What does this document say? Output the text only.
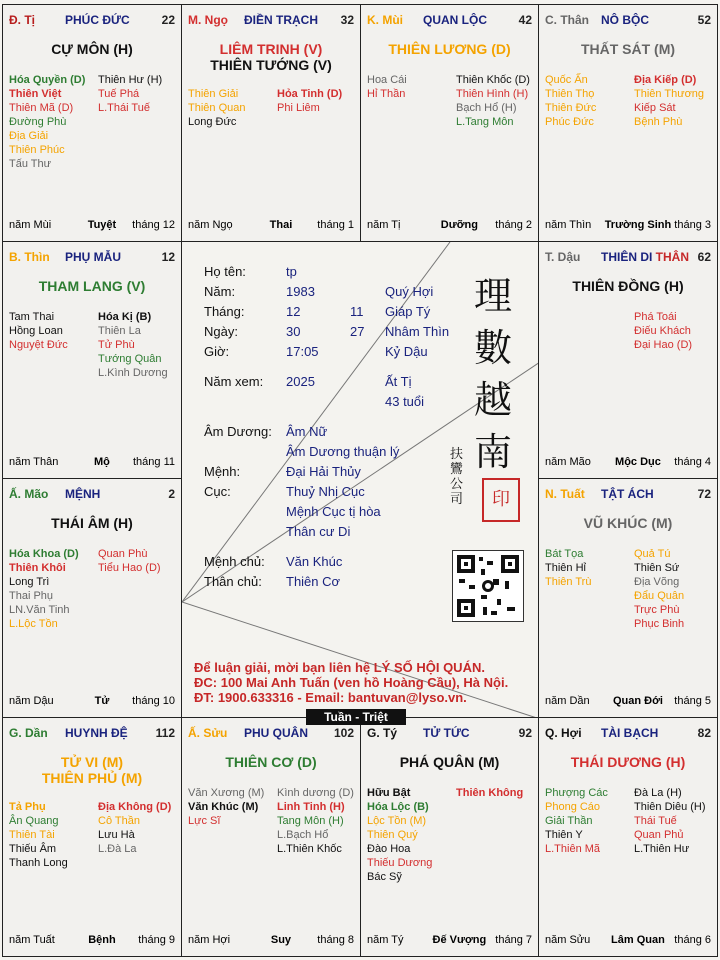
Đ. Tị	PHÚC ĐỨC	22
CỰ MÔN (H)
Hóa Quyền (D)
Thiên Việt
Thiên Mã (D)
Đường Phù
Địa Giải
Thiên Phúc
Tấu Thư
Thiên Hư (H)
Tuế Phá
L.Thái Tuế
năm Mùi	Tuyệt tháng 12
M. Ngọ ĐIỀN TRẠCH 32
LIÊM TRINH (V)
THIÊN TƯỚNG (V)
Thiên Giải
Thiên Quan
Long Đức
Hỏa Tinh (D)
Phi Liêm
năm Ngọ	Thai tháng 1
K. Mùi QUAN LỘC	42
THIÊN LƯƠNG (D)
Hoa Cái
Hỉ Thần
Thiên Khốc (D)
Thiên Hình (H)
Bạch Hổ (H)
L.Tang Môn
năm Tị	Dưỡng tháng 2
C. Thân NÔ BỘC	52
THẤT SÁT (M)
Quốc Ấn
Thiên Thọ
Thiên Đức
Phúc Đức
Địa Kiếp (D)
Thiên Thương
Kiếp Sát
Bệnh Phù
năm Thìn Trường Sinh tháng 3
T. Dậu THIÊN DI THÂN 62
THIÊN ĐỒNG (H)
Phá Toái
Điếu Khách
Đại Hao (D)
năm Mão Mộc Dục tháng 4
N. Tuất TẬT ÁCH	72
VŨ KHÚC (M)
Bát Tọa
Thiên Hỉ
Thiên Trù
Quả Tú
Thiên Sứ
Địa Võng
Đẩu Quân
Trực Phù
Phục Binh
năm Dần Quan Đới tháng 5
Q. Hợi TÀI BẠCH	82
THÁI DƯƠNG (H)
Phượng Các
Phong Cáo
Giải Thần
Thiên Y
L.Thiên Mã
Đà La (H)
Thiên Diêu (H)
Thái Tuế
Quan Phủ
L.Thiên Hư
năm Sửu Lâm Quan tháng 6
G. Tý TỬ TỨC	92
PHÁ QUÂN (M)
Hữu Bật
Hóa Lộc (B)
Lộc Tồn (M)
Thiên Quý
Đào Hoa
Thiếu Dương
Bác Sỹ
Thiên Không
năm Tý	Đế Vượng tháng 7
Ấ. Sửu PHU QUÂN 102
THIÊN CƠ (D)
Văn Xương (M)
Văn Khúc (M)
Lực Sĩ
Kình dương (D)
Linh Tinh (H)
Tang Môn (H)
L.Bạch Hổ
L.Thiên Khốc
năm Hợi	Suy tháng 8
G. Dần HUYNH ĐỆ 112
TỬ VI (M)
THIÊN PHỦ (M)
Tả Phụ
Ân Quang
Thiên Tài
Thiếu Âm
Thanh Long
Địa Không (D)
Cô Thần
Lưu Hà
L.Đà La
năm Tuất	Bệnh tháng 9
Ấ. Mão MỆNH	2
THÁI ÂM (H)
Hóa Khoa (D)
Thiên Khôi
Long Trì
Thai Phụ
LN.Văn Tinh
L.Lộc Tồn
Quan Phù
Tiểu Hao (D)
năm Dậu	Tử tháng 10
B. Thìn PHỤ MẪU	12
THAM LANG (V)
Tam Thai
Hồng Loan
Nguyệt Đức
Hóa Kị (B)
Thiên La
Tử Phù
Tướng Quân
L.Kình Dương
năm Thân	Mộ tháng 11
Họ tên:	tp
Năm:	1983	Quý Hợi
Tháng:	12	11 Giáp Tý
Ngày:	30	27 Nhâm Thìn
Giờ:	17:05	Kỷ Dậu
Năm xem: 2025	Ất Tị
43 tuổi
Âm Dương: Âm Nữ
Âm Dương thuận lý
Mệnh:	Đại Hải Thủy
Cục:	Thuỷ Nhị Cục
Mệnh Cục tị hòa
Thân cư Di
Mệnh chủ: Văn Khúc
Thân chủ: Thiên Cơ
理
數
越
南
扶鸞公司	印
Để luận giải, mời bạn liên hệ LÝ SỐ HỘI QUÁN.
ĐC: 100 Mai Anh Tuấn (ven hồ Hoàng Cầu), Hà Nội.
ĐT: 1900.633316 - Email: bantuvan@lyso.vn.
Tuần - Triệt
